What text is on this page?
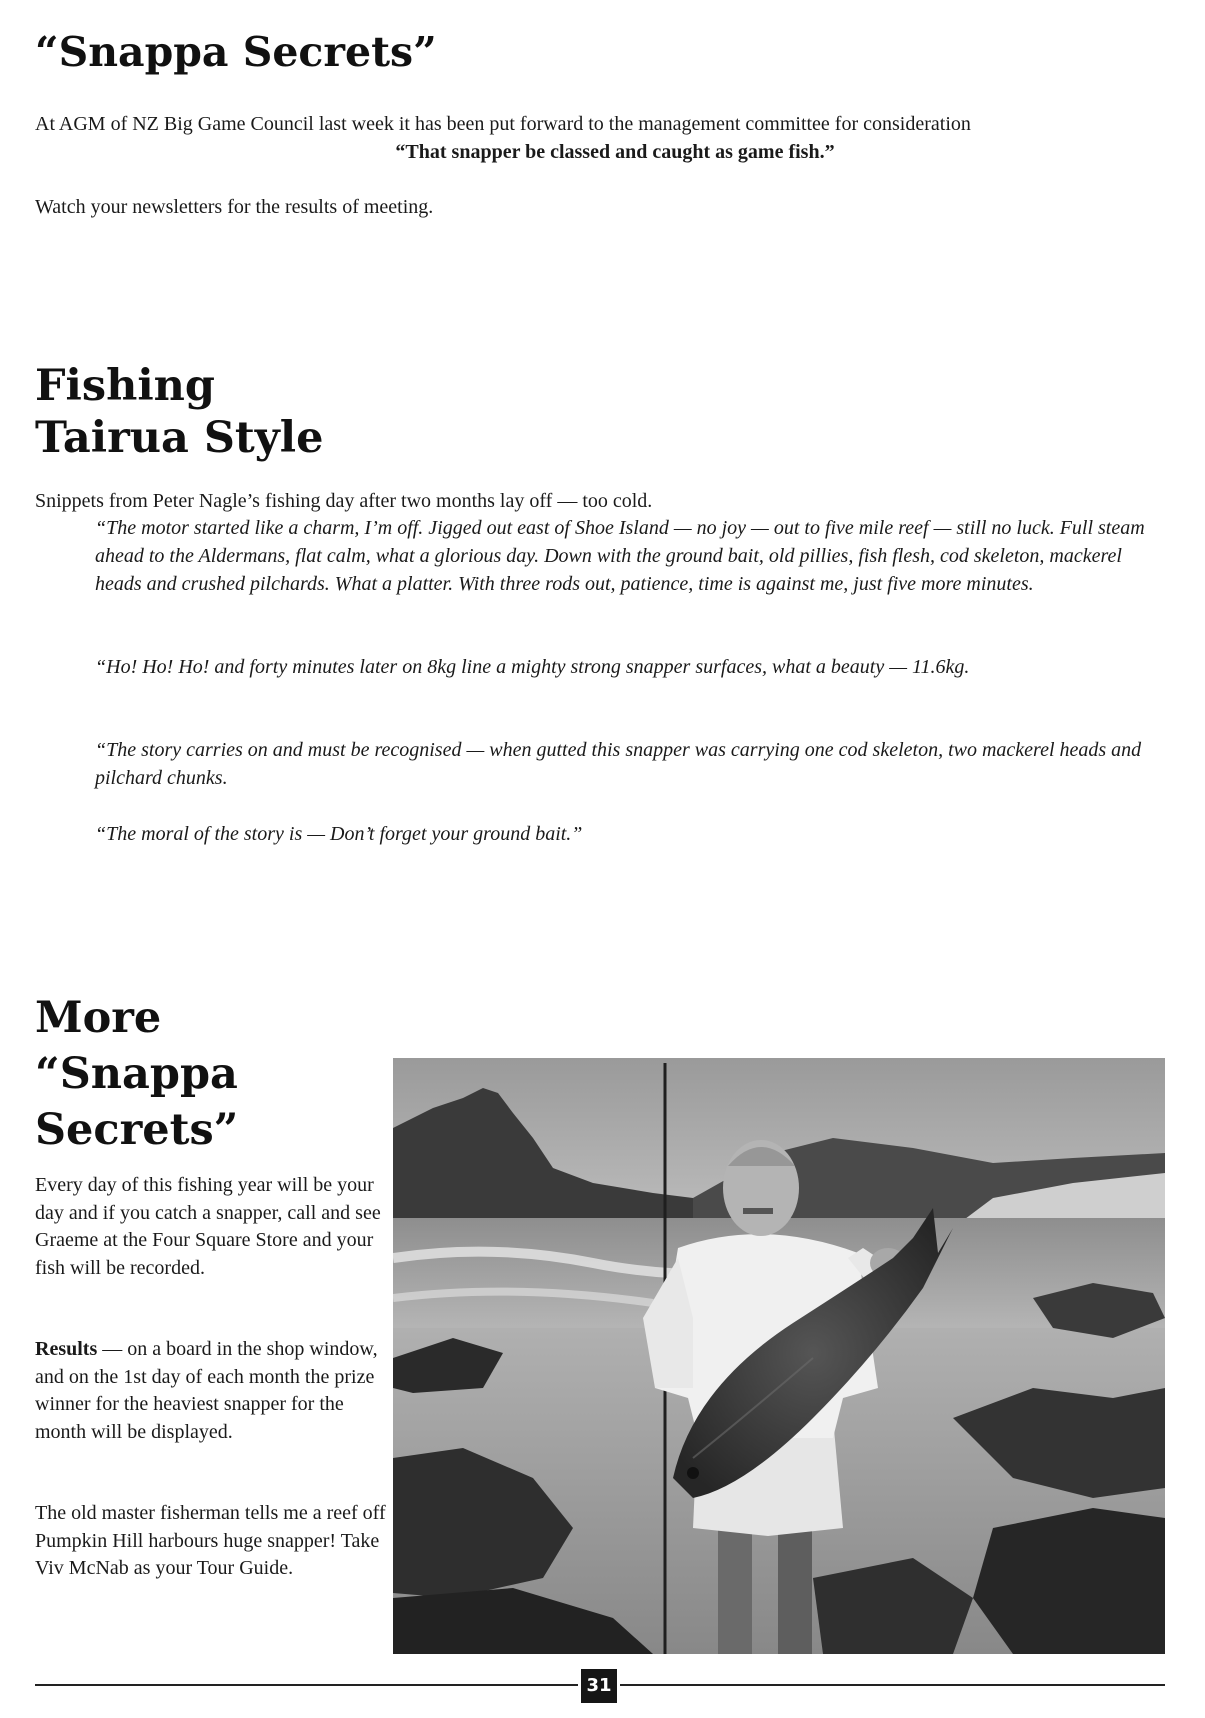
“Snappa Secrets”
At AGM of NZ Big Game Council last week it has been put forward to the management committee for consideration
“That snapper be classed and caught as game fish.”
Watch your newsletters for the results of meeting.
Fishing
Tairua Style
Snippets from Peter Nagle’s fishing day after two months lay off — too cold.
“The motor started like a charm, I’m off. Jigged out east of Shoe Island — no joy — out to five mile reef — still no luck. Full steam ahead to the Aldermans, flat calm, what a glorious day. Down with the ground bait, old pillies, fish flesh, cod skeleton, mackerel heads and crushed pilchards. What a platter. With three rods out, patience, time is against me, just five more minutes.
“Ho! Ho! Ho! and forty minutes later on 8kg line a mighty strong snapper surfaces, what a beauty — 11.6kg.
“The story carries on and must be recognised — when gutted this snapper was carrying one cod skeleton, two mackerel heads and pilchard chunks.
“The moral of the story is — Don’t forget your ground bait.”
More
“Snappa
Secrets”
Every day of this fishing year will be your day and if you catch a snapper, call and see Graeme at the Four Square Store and your fish will be recorded.
Results — on a board in the shop window, and on the 1st day of each month the prize winner for the heaviest snapper for the month will be displayed.
The old master fisherman tells me a reef off Pumpkin Hill harbours huge snapper! Take Viv McNab as your Tour Guide.
31
